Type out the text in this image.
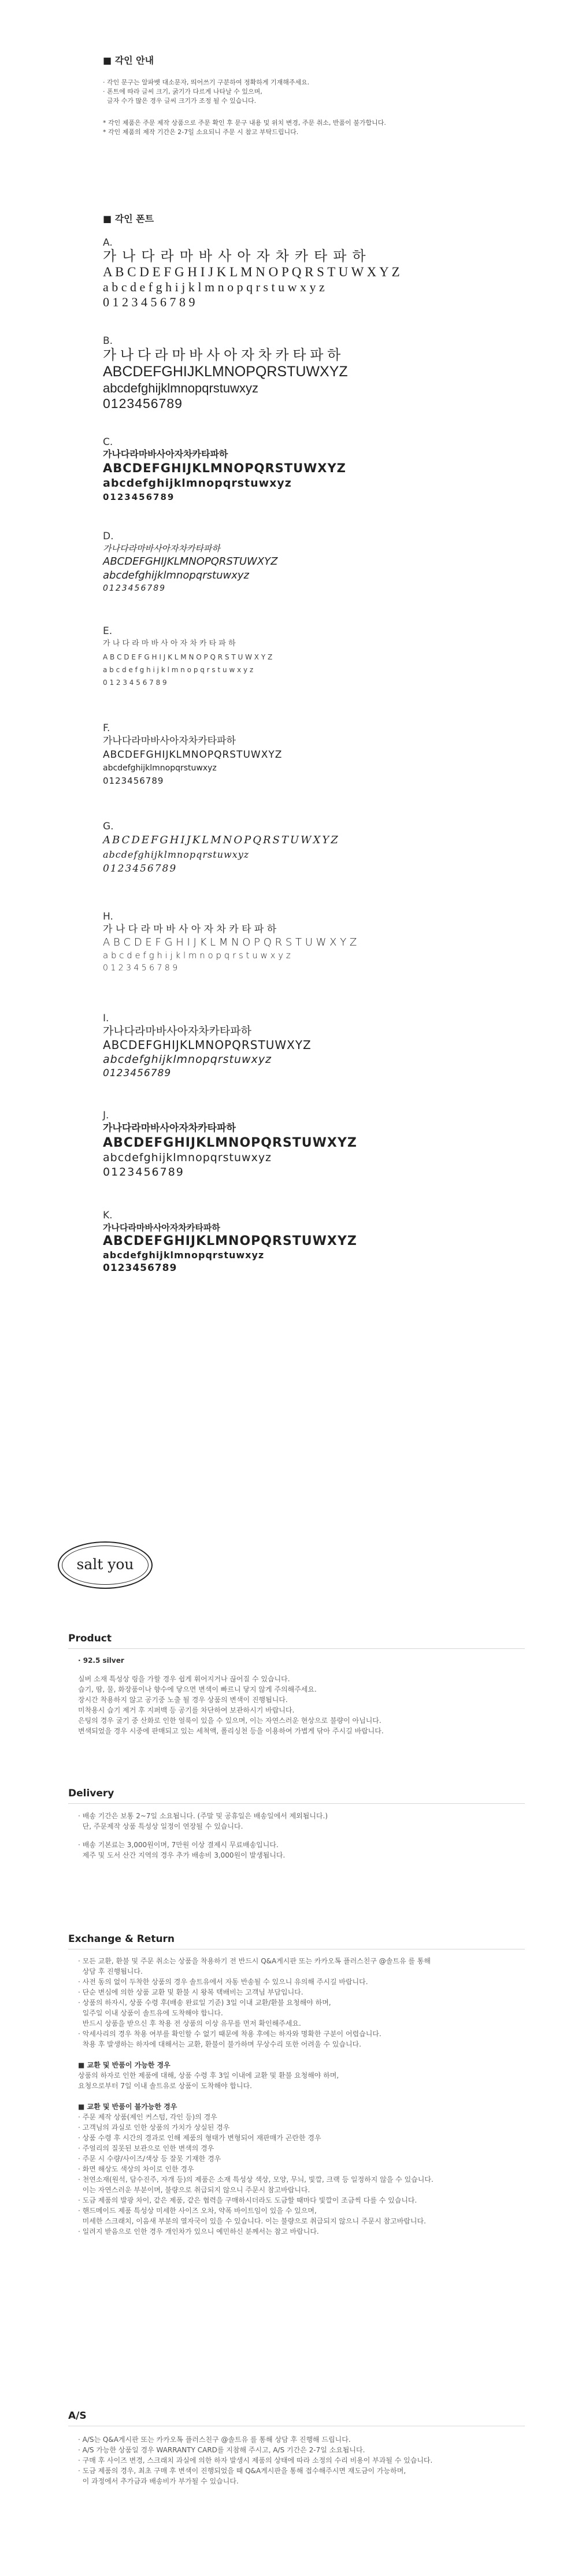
■ 각인 안내
· 각인 문구는 알파벳 대소문자, 띄어쓰기 구분하여 정확하게 기재해주세요.
· 폰트에 따라 글씨 크기, 굵기가 다르게 나타날 수 있으며,
글자 수가 많은 경우 글씨 크기가 조정 될 수 있습니다.
* 각인 제품은 주문 제작 상품으로 주문 확인 후 문구 내용 및 위치 변경, 주문 취소, 반품이 불가합니다.
* 각인 제품의 제작 기간은 2-7일 소요되니 주문 시 참고 부탁드립니다.
■ 각인 폰트
A.
가 나 다 라 마 바 사 아 자 차 카 타 파 하
A B C D E F G H I J K L M N O P Q R S T U W X Y Z
a b c d e f g h i j k l m n o p q r s t u w x y z
0 1 2 3 4 5 6 7 8 9
B.
가 나 다 라 마 바 사 아 자 차 카 타 파 하
ABCDEFGHIJKLMNOPQRSTUWXYZ
abcdefghijklmnopqrstuwxyz
0123456789
C.
가나다라마바사아자차카타파하
ABCDEFGHIJKLMNOPQRSTUWXYZ
abcdefghijklmnopqrstuwxyz
0123456789
D.
가나다라마바사아자차카타파하
ABCDEFGHIJKLMNOPQRSTUWXYZ
abcdefghijklmnopqrstuwxyz
0123456789
E.
가 나 다 라 마 바 사 아 자 차 카 타 파 하
A B C D E F G H I J K L M N O P Q R S T U W X Y Z
a b c d e f g h i j k l m n o p q r s t u w x y z
0 1 2 3 4 5 6 7 8 9
F.
가나다라마바사아자차카타파하
ABCDEFGHIJKLMNOPQRSTUWXYZ
abcdefghijklmnopqrstuwxyz
0123456789
G.
ABCDEFGHIJKLMNOPQRSTUWXYZ
abcdefghijklmnopqrstuwxyz
0123456789
H.
가 나 다 라 마 바 사 아 자 차 카 타 파 하
A B C D E F G H I J K L M N O P Q R S T U W X Y Z
a b c d e f g h i j k l m n o p q r s t u w x y z
0 1 2 3 4 5 6 7 8 9
I.
가나다라마바사아자차카타파하
ABCDEFGHIJKLMNOPQRSTUWXYZ
abcdefghijklmnopqrstuwxyz
0123456789
J.
가나다라마바사아자차카타파하
ABCDEFGHIJKLMNOPQRSTUWXYZ
abcdefghijklmnopqrstuwxyz
0123456789
K.
가나다라마바사아자차카타파하
ABCDEFGHIJKLMNOPQRSTUWXYZ
abcdefghijklmnopqrstuwxyz
0123456789
salt you
Product
· 92.5 silver
실버 소재 특성상 링을 가할 경우 쉽게 휘어지거나 끊어질 수 있습니다.
습기, 땀, 물, 화장품이나 향수에 닿으면 변색이 빠르니 닿지 않게 주의해주세요.
장시간 착용하지 않고 공기중 노출 될 경우 상품의 변색이 진행됩니다.
미착용시 습기 제거 후 지퍼백 등 공기를 차단하여 보관하시기 바랍니다.
은팅의 경우 굴기 중 산화로 인한 얼룩이 있을 수 있으며, 이는 자연스러운 현상으로 불량이 아닙니다.
변색되었을 경우 시중에 판매되고 있는 세척액, 폴리싱천 등을 이용하여 가볍게 닦아 주시길 바랍니다.
Delivery
· 배송 기간은 보통 2~7일 소요됩니다. (주말 및 공휴일은 배송일에서 제외됩니다.)
단, 주문제작 상품 특성상 일정이 연장될 수 있습니다.
· 배송 기본료는 3,000원이며, 7만원 이상 결제시 무료배송입니다.
제주 및 도서 산간 지역의 경우 추가 배송비 3,000원이 발생됩니다.
Exchange & Return
· 모든 교환, 환불 및 주문 취소는 상품을 착용하기 전 반드시 Q&A게시판 또는 카카오톡 플러스친구 @솔트유 를 통해
상담 후 진행됩니다.
· 사전 동의 없이 두착한 상품의 경우 솔트유에서 자동 반송될 수 있으니 유의해 주시길 바랍니다.
· 단순 변심에 의한 상품 교환 및 환불 시 왕복 택배비는 고객님 부담입니다.
· 상품의 하자시, 상품 수령 후(배송 완료일 기준) 3일 이내 교환/환불 요청해야 하며,
일주일 이내 상품이 솔트유에 도착해야 합니다.
반드시 상품을 받으신 후 착용 전 상품의 이상 유무를 먼저 확인해주세요.
· 악세사리의 경우 착용 여부를 확인할 수 없기 때문에 착용 후에는 하자와 명확한 구분이 어렵습니다.
착용 후 발생하는 하자에 대해서는 교환, 환불이 불가하며 무상수리 또한 어려울 수 있습니다.
■ 교환 및 반품이 가능한 경우
상품의 하자로 인한 제품에 대해, 상품 수령 후 3일 이내에 교환 및 환불 요청해야 하며,
요청으로부터 7일 이내 솔트유로 상품이 도착해야 합니다.
■ 교환 및 반품이 불가능한 경우
· 주문 제작 상품(제인 커스텀, 각인 등)의 경우
· 고객님의 과실로 인한 상품의 가치가 상실된 경우
· 상품 수령 후 시간의 경과로 인해 제품의 형태가 변형되어 재판매가 곤란한 경우
· 주얼리의 질못된 보관으로 인한 변색의 경우
· 주문 시 수량/사이즈/색상 등 잘못 기재한 경우
· 화면 해상도 색상의 차이로 인한 경우
· 천연소재(원석, 담수진주, 자개 등)의 제품은 소재 특성상 색상, 모양, 무늬, 빛깔, 크랙 등 일정하지 않을 수 있습니다.
이는 자연스러운 부분이며, 불량으로 취급되지 않으니 주문시 참고바랍니다.
· 도금 제품의 발광 차이, 같은 제품, 같은 협력을 구매하시더라도 도금할 때마다 빛깔이 조금씩 다를 수 있습니다.
· 핸드메이드 제품 특성상 미세한 사이즈 오차, 약폭 바이트임이 있을 수 있으며,
미세한 스크래치, 이음새 부분의 열자국이 있을 수 있습니다. 이는 불량으로 취급되지 않으니 주문시 참고바랍니다.
· 일려지 받음으로 인한 경우 개인차가 있으니 예민하신 분께서는 참고 바랍니다.
A/S
· A/S는 Q&A게시판 또는 카카오톡 플러스친구 @솔트유 를 통해 상담 후 진행해 드립니다.
· A/S 가능한 상품일 경우 WARRANTY CARD를 지참해 주시고, A/S 기간은 2-7일 소요됩니다.
· 구매 후 사이즈 변경, 스크래치 과실에 의한 하자 발생시 제품의 상태에 따라 소정의 수리 비용이 부과될 수 있습니다.
· 도금 제품의 경우, 최초 구매 후 변색이 진행되었을 때 Q&A게시판을 통해 접수해주시면 재도금이 가능하며,
이 과정에서 추가금과 배송비가 부가될 수 있습니다.
